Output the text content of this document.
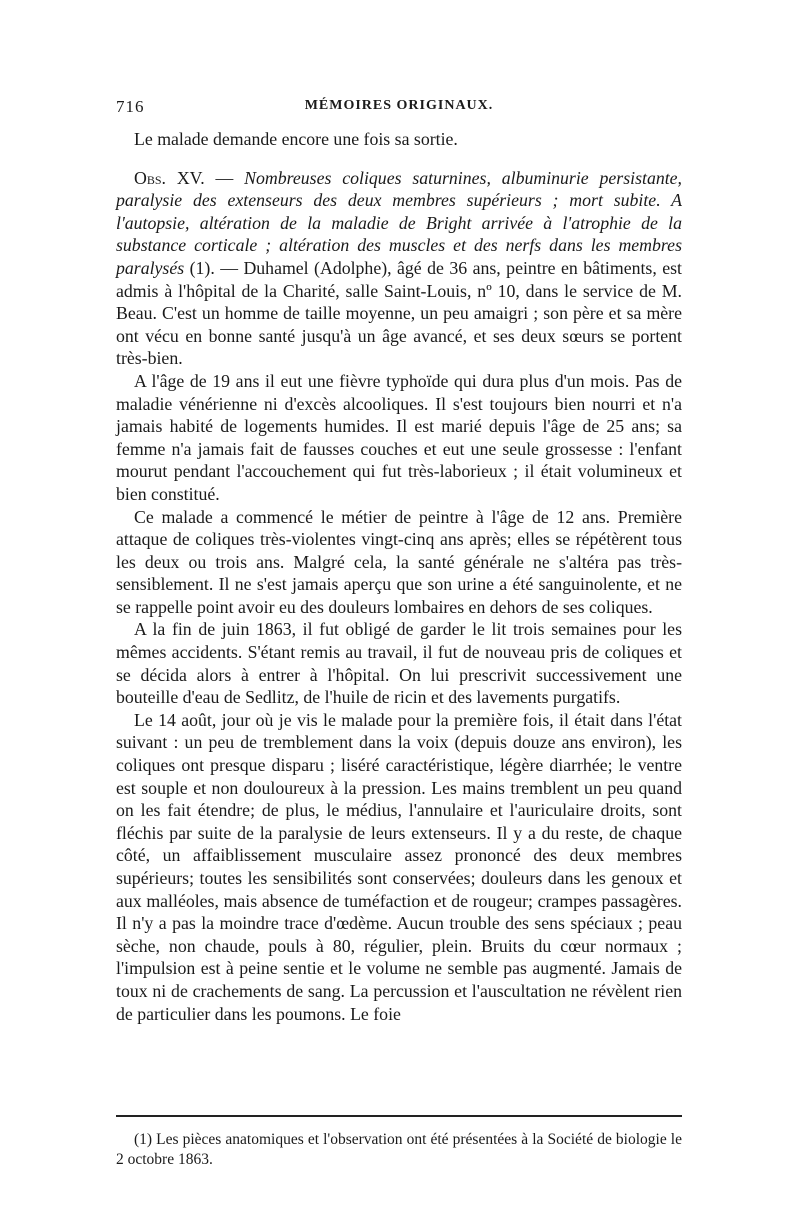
716	MÉMOIRES ORIGINAUX.

Le malade demande encore une fois sa sortie.

Obs. XV. — Nombreuses coliques saturnines, albuminurie persistante, paralysie des extenseurs des deux membres supérieurs ; mort subite. A l'autopsie, altération de la maladie de Bright arrivée à l'atrophie de la substance corticale ; altération des muscles et des nerfs dans les membres paralysés (1). — Duhamel (Adolphe), âgé de 36 ans, peintre en bâtiments, est admis à l'hôpital de la Charité, salle Saint-Louis, nº 10, dans le service de M. Beau. C'est un homme de taille moyenne, un peu amaigri ; son père et sa mère ont vécu en bonne santé jusqu'à un âge avancé, et ses deux sœurs se portent très-bien.

A l'âge de 19 ans il eut une fièvre typhoïde qui dura plus d'un mois. Pas de maladie vénérienne ni d'excès alcooliques. Il s'est toujours bien nourri et n'a jamais habité de logements humides. Il est marié depuis l'âge de 25 ans; sa femme n'a jamais fait de fausses couches et eut une seule grossesse : l'enfant mourut pendant l'accouchement qui fut très-laborieux ; il était volumineux et bien constitué.

Ce malade a commencé le métier de peintre à l'âge de 12 ans. Première attaque de coliques très-violentes vingt-cinq ans après; elles se répétèrent tous les deux ou trois ans. Malgré cela, la santé générale ne s'altéra pas très-sensiblement. Il ne s'est jamais aperçu que son urine a été sanguinolente, et ne se rappelle point avoir eu des douleurs lombaires en dehors de ses coliques.

A la fin de juin 1863, il fut obligé de garder le lit trois semaines pour les mêmes accidents. S'étant remis au travail, il fut de nouveau pris de coliques et se décida alors à entrer à l'hôpital. On lui prescrivit successivement une bouteille d'eau de Sedlitz, de l'huile de ricin et des lavements purgatifs.

Le 14 août, jour où je vis le malade pour la première fois, il était dans l'état suivant : un peu de tremblement dans la voix (depuis douze ans environ), les coliques ont presque disparu ; liséré caractéristique, légère diarrhée; le ventre est souple et non douloureux à la pression. Les mains tremblent un peu quand on les fait étendre; de plus, le médius, l'annulaire et l'auriculaire droits, sont fléchis par suite de la paralysie de leurs extenseurs. Il y a du reste, de chaque côté, un affaiblissement musculaire assez prononcé des deux membres supérieurs; toutes les sensibilités sont conservées; douleurs dans les genoux et aux malléoles, mais absence de tuméfaction et de rougeur; crampes passagères. Il n'y a pas la moindre trace d'œdème. Aucun trouble des sens spéciaux ; peau sèche, non chaude, pouls à 80, régulier, plein. Bruits du cœur normaux ; l'impulsion est à peine sentie et le volume ne semble pas augmenté. Jamais de toux ni de crachements de sang. La percussion et l'auscultation ne révèlent rien de particulier dans les poumons. Le foie

(1) Les pièces anatomiques et l'observation ont été présentées à la Société de biologie le 2 octobre 1863.
